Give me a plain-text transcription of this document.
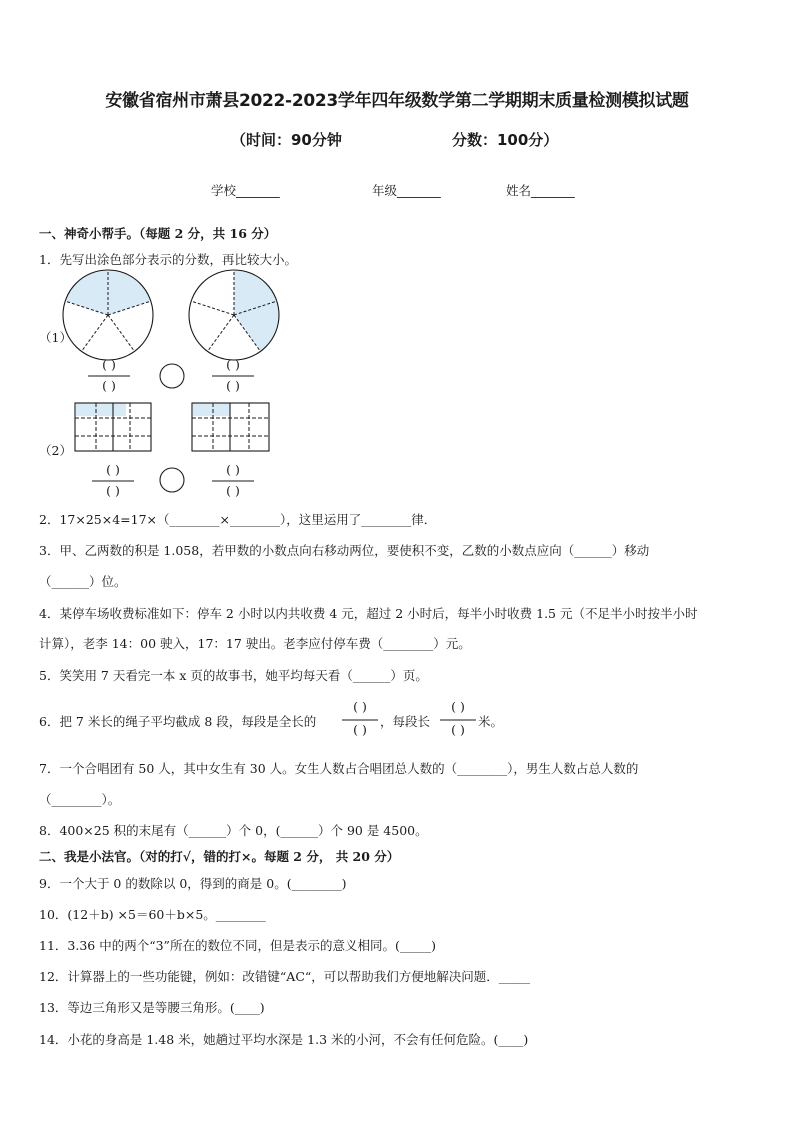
安徽省宿州市萧县2022-2023学年四年级数学第二学期期末质量检测模拟试题
（时间：90分钟	分数：100分）
学校_______	年级_______	姓名_______
一、神奇小帮手。（每题 2 分，共 16 分）
1．先写出涂色部分表示的分数，再比较大小。
（1）
（2）
( )
( )
( )
( )
( )
( )
( )
( )
2．17×25×4=17×（________×________），这里运用了________律．
3．甲、乙两数的积是 1.058，若甲数的小数点向右移动两位，要使积不变，乙数的小数点应向（______）移动
（______）位。
4．某停车场收费标准如下：停车 2 小时以内共收费 4 元，超过 2 小时后，每半小时收费 1.5 元（不足半小时按半小时
计算），老李 14：00 驶入，17：17 驶出。老李应付停车费（________）元。
5．笑笑用 7 天看完一本 x 页的故事书，她平均每天看（______）页。
6．把 7 米长的绳子平均截成 8 段，每段是全长的
( )
( )
，每段长
( )
( )
米。
7．一个合唱团有 50 人，其中女生有 30 人。女生人数占合唱团总人数的（________），男生人数占总人数的
（________）。
8．400×25 积的末尾有（______）个 0，(______）个 90 是 4500。
二、我是小法官。（对的打√，错的打×。每题 2 分， 共 20 分）
9．一个大于 0 的数除以 0，得到的商是 0。(________)
10．(12＋b) ×5＝60＋b×5。________
11．3.36 中的两个“3”所在的数位不同，但是表示的意义相同。(_____)
12．计算器上的一些功能键，例如：改错键“AC“，可以帮助我们方便地解决问题．_____
13．等边三角形又是等腰三角形。(____)
14．小花的身高是 1.48 米，她趟过平均水深是 1.3 米的小河，不会有任何危险。(____)
